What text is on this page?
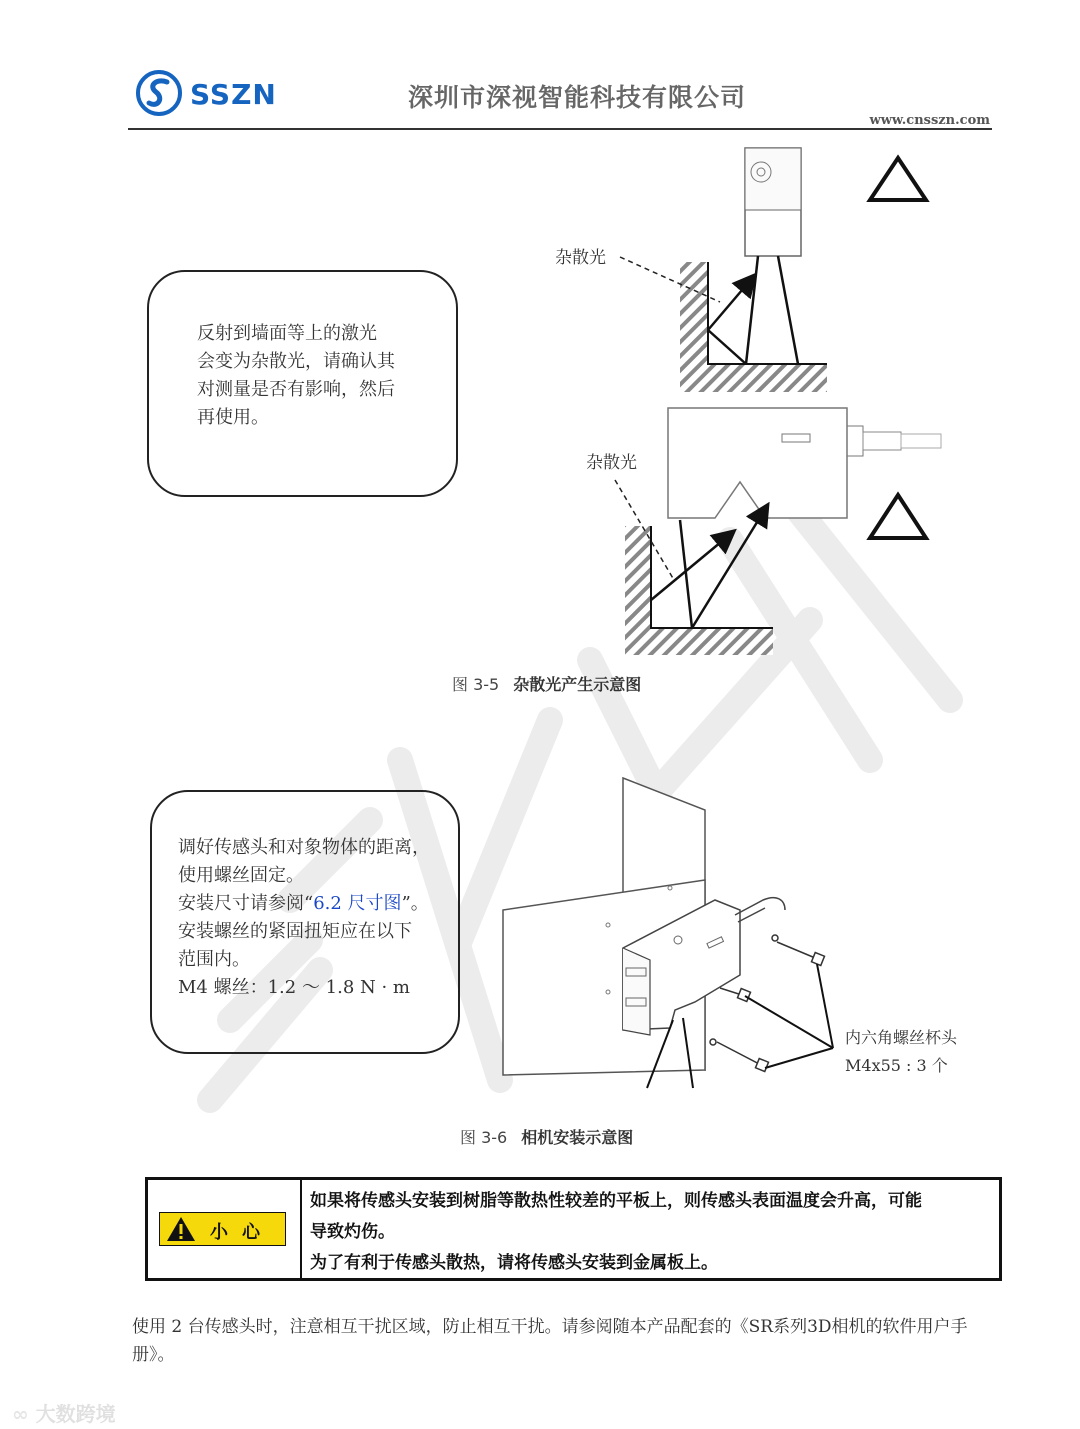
SSZN	深圳市深视智能科技有限公司
www.cnsszn.com
反射到墙面等上的激光
会变为杂散光，请确认其
对测量是否有影响，然后
再使用。
杂散光
杂散光
图 3-5 杂散光产生示意图
调好传感头和对象物体的距离，
使用螺丝固定。
安装尺寸请参阅“6.2 尺寸图”。
安装螺丝的紧固扭矩应在以下
范围内。
M4 螺丝：1.2 ～ 1.8 N · m
内六角螺丝杯头
M4x55 : 3 个
图 3-6 相机安装示意图
小心
如果将传感头安装到树脂等散热性较差的平板上，则传感头表面温度会升高，可能
导致灼伤。
为了有利于传感头散热，请将传感头安装到金属板上。
使用 2 台传感头时，注意相互干扰区域，防止相互干扰。请参阅随本产品配套的《SR系列3D相机的软件用户手册》。
∞ 大数跨境
